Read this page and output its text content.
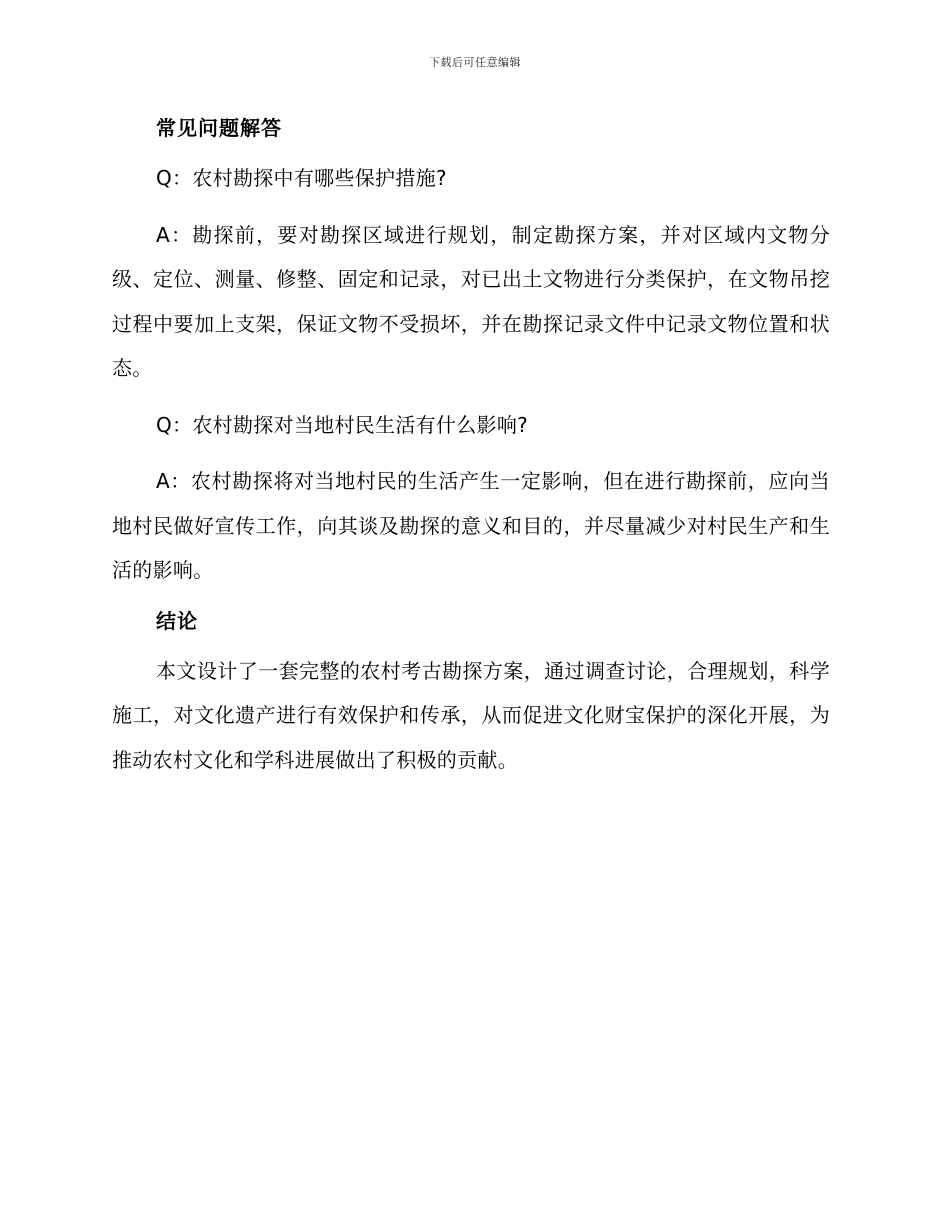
下载后可任意编辑
常见问题解答

Q：农村勘探中有哪些保护措施?

A：勘探前，要对勘探区域进行规划，制定勘探方案，并对区域内文物分级、定位、测量、修整、固定和记录，对已出土文物进行分类保护，在文物吊挖过程中要加上支架，保证文物不受损坏，并在勘探记录文件中记录文物位置和状态。

Q：农村勘探对当地村民生活有什么影响?

A：农村勘探将对当地村民的生活产生一定影响，但在进行勘探前，应向当地村民做好宣传工作，向其谈及勘探的意义和目的，并尽量减少对村民生产和生活的影响。

结论

本文设计了一套完整的农村考古勘探方案，通过调查讨论，合理规划，科学施工，对文化遗产进行有效保护和传承，从而促进文化财宝保护的深化开展，为推动农村文化和学科进展做出了积极的贡献。
